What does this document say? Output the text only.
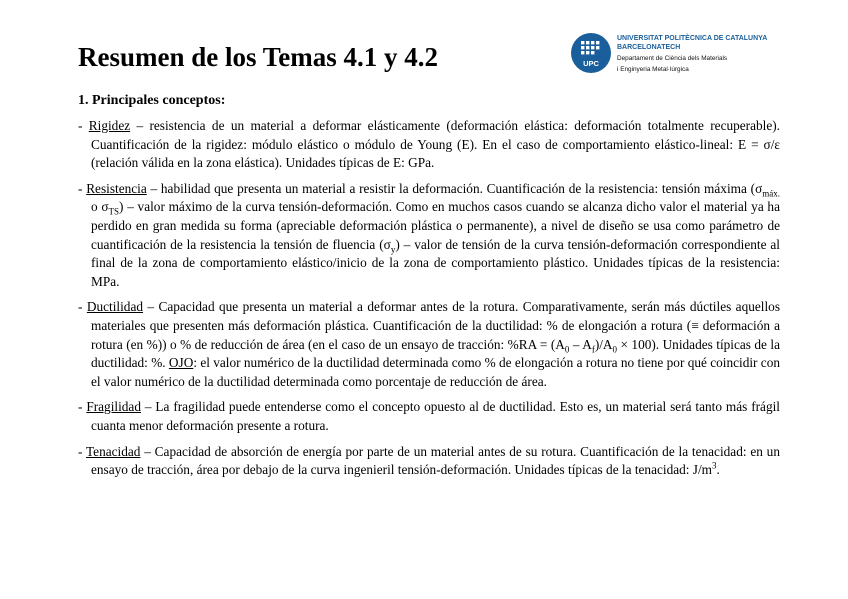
Resumen de los Temas 4.1 y 4.2	UPC
UNIVERSITAT POLITÈCNICA DE CATALUNYA
BARCELONATECH
Departament de Ciència dels Materials
i Enginyeria Metal·lúrgica
1. Principales conceptos:

- Rigidez – resistencia de un material a deformar elásticamente (deformación elástica: deformación totalmente recuperable). Cuantificación de la rigidez: módulo elástico o módulo de Young (E). En el caso de comportamiento elástico-lineal: E = σ/ε (relación válida en la zona elástica). Unidades típicas de E: GPa.

- Resistencia – habilidad que presenta un material a resistir la deformación. Cuantificación de la resistencia: tensión máxima ($\sigma_{máx.}$ o $\sigma_{TS}$) – valor máximo de la curva tensión-deformación. Como en muchos casos cuando se alcanza dicho valor el material ya ha perdido en gran medida su forma (apreciable deformación plástica o permanente), a nivel de diseño se usa como parámetro de cuantificación de la resistencia la tensión de fluencia $(\sigma_y)$ – valor de tensión de la curva tensión-deformación correspondiente al final de la zona de comportamiento elástico/inicio de la zona de comportamiento plástico. Unidades típicas de la resistencia: MPa.

- Ductilidad – Capacidad que presenta un material a deformar antes de la rotura. Comparativamente, serán más dúctiles aquellos materiales que presenten más deformación plástica. Cuantificación de la ductilidad: % de elongación a rotura (≡ deformación a rotura (en %)) o % de reducción de área (en el caso de un ensayo de tracción: $\%RA = (A_0 - A_f)/A_0 \times 100$). Unidades típicas de la ductilidad: %. OJO: el valor numérico de la ductilidad determinada como % de elongación a rotura no tiene por qué coincidir con el valor numérico de la ductilidad determinada como porcentaje de reducción de área.

- Fragilidad – La fragilidad puede entenderse como el concepto opuesto al de ductilidad. Esto es, un material será tanto más frágil cuanta menor deformación presente a rotura.

- Tenacidad – Capacidad de absorción de energía por parte de un material antes de su rotura. Cuantificación de la tenacidad: en un ensayo de tracción, área por debajo de la curva ingenieril tensión-deformación. Unidades típicas de la tenacidad: $J/m^3$.
